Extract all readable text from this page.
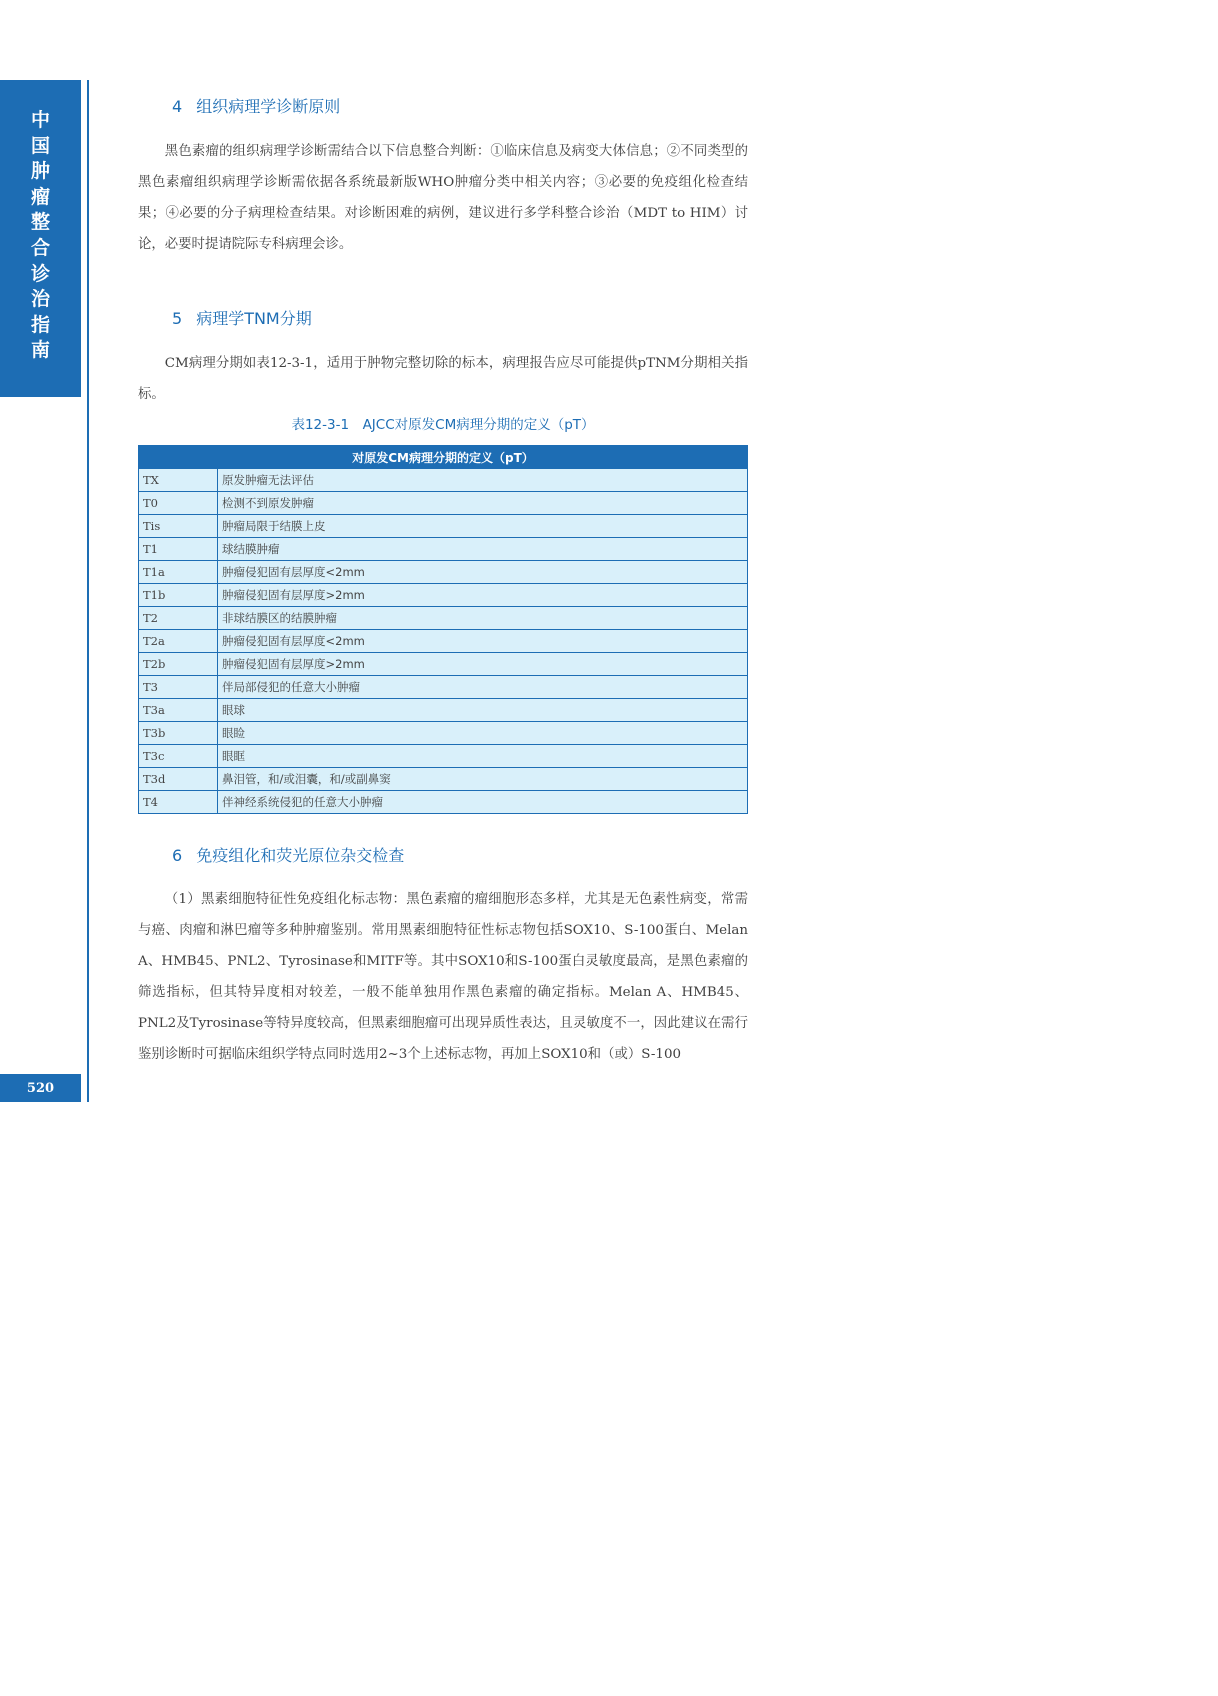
中
国
肿
瘤
整
合
诊
治
指
南
520
4 组织病理学诊断原则
黑色素瘤的组织病理学诊断需结合以下信息整合判断：①临床信息及病变大体信息；②不同类型的黑色素瘤组织病理学诊断需依据各系统最新版WHO肿瘤分类中相关内容；③必要的免疫组化检查结果；④必要的分子病理检查结果。对诊断困难的病例，建议进行多学科整合诊治（MDT to HIM）讨论，必要时提请院际专科病理会诊。
5 病理学TNM分期
CM病理分期如表12-3-1，适用于肿物完整切除的标本，病理报告应尽可能提供pTNM分期相关指标。
表12-3-1　AJCC对原发CM病理分期的定义（pT）
对原发CM病理分期的定义（pT）	
TX	原发肿瘤无法评估
T0	检测不到原发肿瘤
Tis	肿瘤局限于结膜上皮
T1	球结膜肿瘤
T1a	肿瘤侵犯固有层厚度<2mm
T1b	肿瘤侵犯固有层厚度>2mm
T2	非球结膜区的结膜肿瘤
T2a	肿瘤侵犯固有层厚度<2mm
T2b	肿瘤侵犯固有层厚度>2mm
T3	伴局部侵犯的任意大小肿瘤
T3a	眼球
T3b	眼睑
T3c	眼眶
T3d	鼻泪管，和/或泪囊，和/或副鼻窦
T4	伴神经系统侵犯的任意大小肿瘤
6 免疫组化和荧光原位杂交检查
（1）黑素细胞特征性免疫组化标志物：黑色素瘤的瘤细胞形态多样，尤其是无色素性病变，常需与癌、肉瘤和淋巴瘤等多种肿瘤鉴别。常用黑素细胞特征性标志物包括SOX10、S-100蛋白、Melan A、HMB45、PNL2、Tyrosinase和MITF等。其中SOX10和S-100蛋白灵敏度最高，是黑色素瘤的筛选指标，但其特异度相对较差，一般不能单独用作黑色素瘤的确定指标。Melan A、HMB45、PNL2及Tyrosinase等特异度较高，但黑素细胞瘤可出现异质性表达，且灵敏度不一，因此建议在需行鉴别诊断时可据临床组织学特点同时选用2~3个上述标志物，再加上SOX10和（或）S-100
